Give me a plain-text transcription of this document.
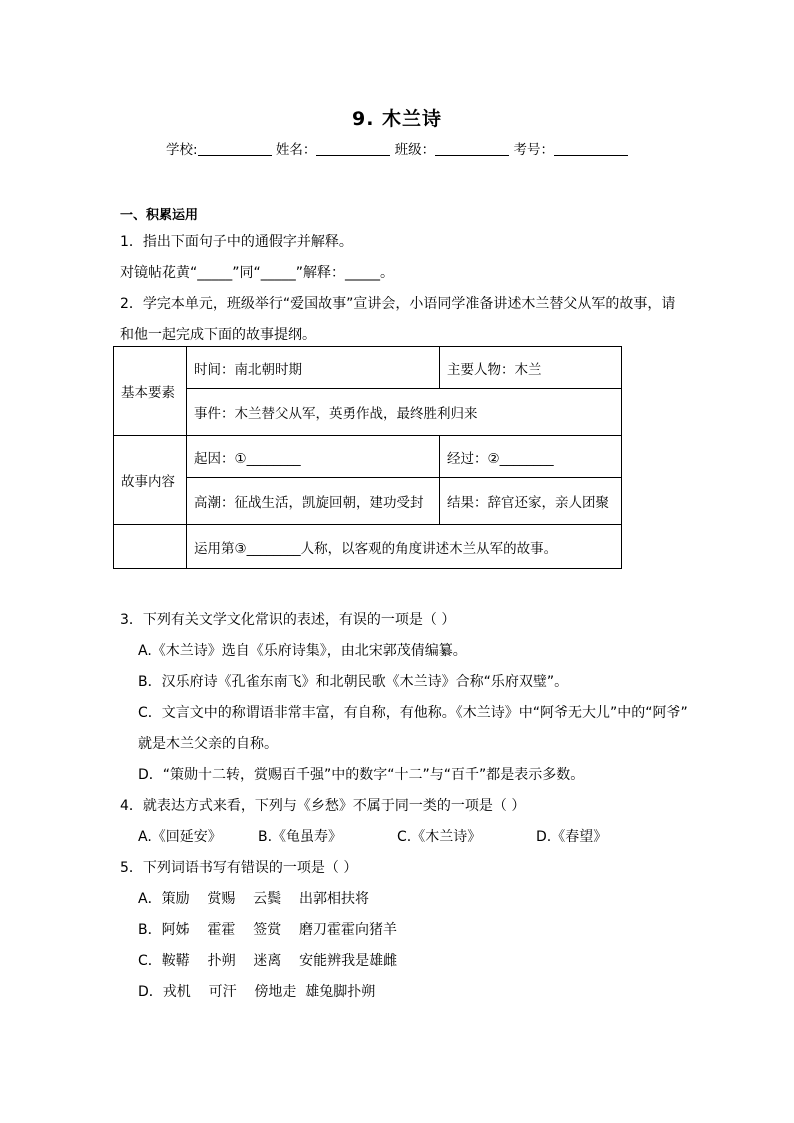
9. 木兰诗
学校:	姓名：	班级：	考号：
一、积累运用
1．指出下面句子中的通假字并解释。
对镜帖花黄“_____”同“_____”解释：_____。
2．学完本单元，班级举行“爱国故事”宣讲会，小语同学准备讲述木兰替父从军的故事，请
和他一起完成下面的故事提纲。
基本要素	时间：南北朝时期	主要人物：木兰
	事件：木兰替父从军，英勇作战，最终胜利归来	
故事内容	起因：①________	经过：②________
	高潮：征战生活，凯旋回朝，建功受封	结果：辞官还家，亲人团聚
	运用第③________人称，以客观的角度讲述木兰从军的故事。	
3．下列有关文学文化常识的表述，有误的一项是（ ）
A.《木兰诗》选自《乐府诗集》，由北宋郭茂倩编纂。
B．汉乐府诗《孔雀东南飞》和北朝民歌《木兰诗》合称“乐府双璧”。
C．文言文中的称谓语非常丰富，有自称，有他称。《木兰诗》中“阿爷无大儿”中的“阿爷”
就是木兰父亲的自称。
D．“策勋十二转，赏赐百千强”中的数字“十二”与“百千”都是表示多数。
4．就表达方式来看，下列与《乡愁》不属于同一类的一项是（ ）
A.《回延安》	B.《龟虽寿》	C.《木兰诗》	D.《春望》
5．下列词语书写有错误的一项是（ ）
A．策励    赏赐    云鬓    出郭相扶将
B．阿姊    霍霍    签赏    磨刀霍霍向猪羊
C．鞍鞯    扑朔    迷离    安能辨我是雄雌
D．戎机    可汗    傍地走  雄兔脚扑朔
